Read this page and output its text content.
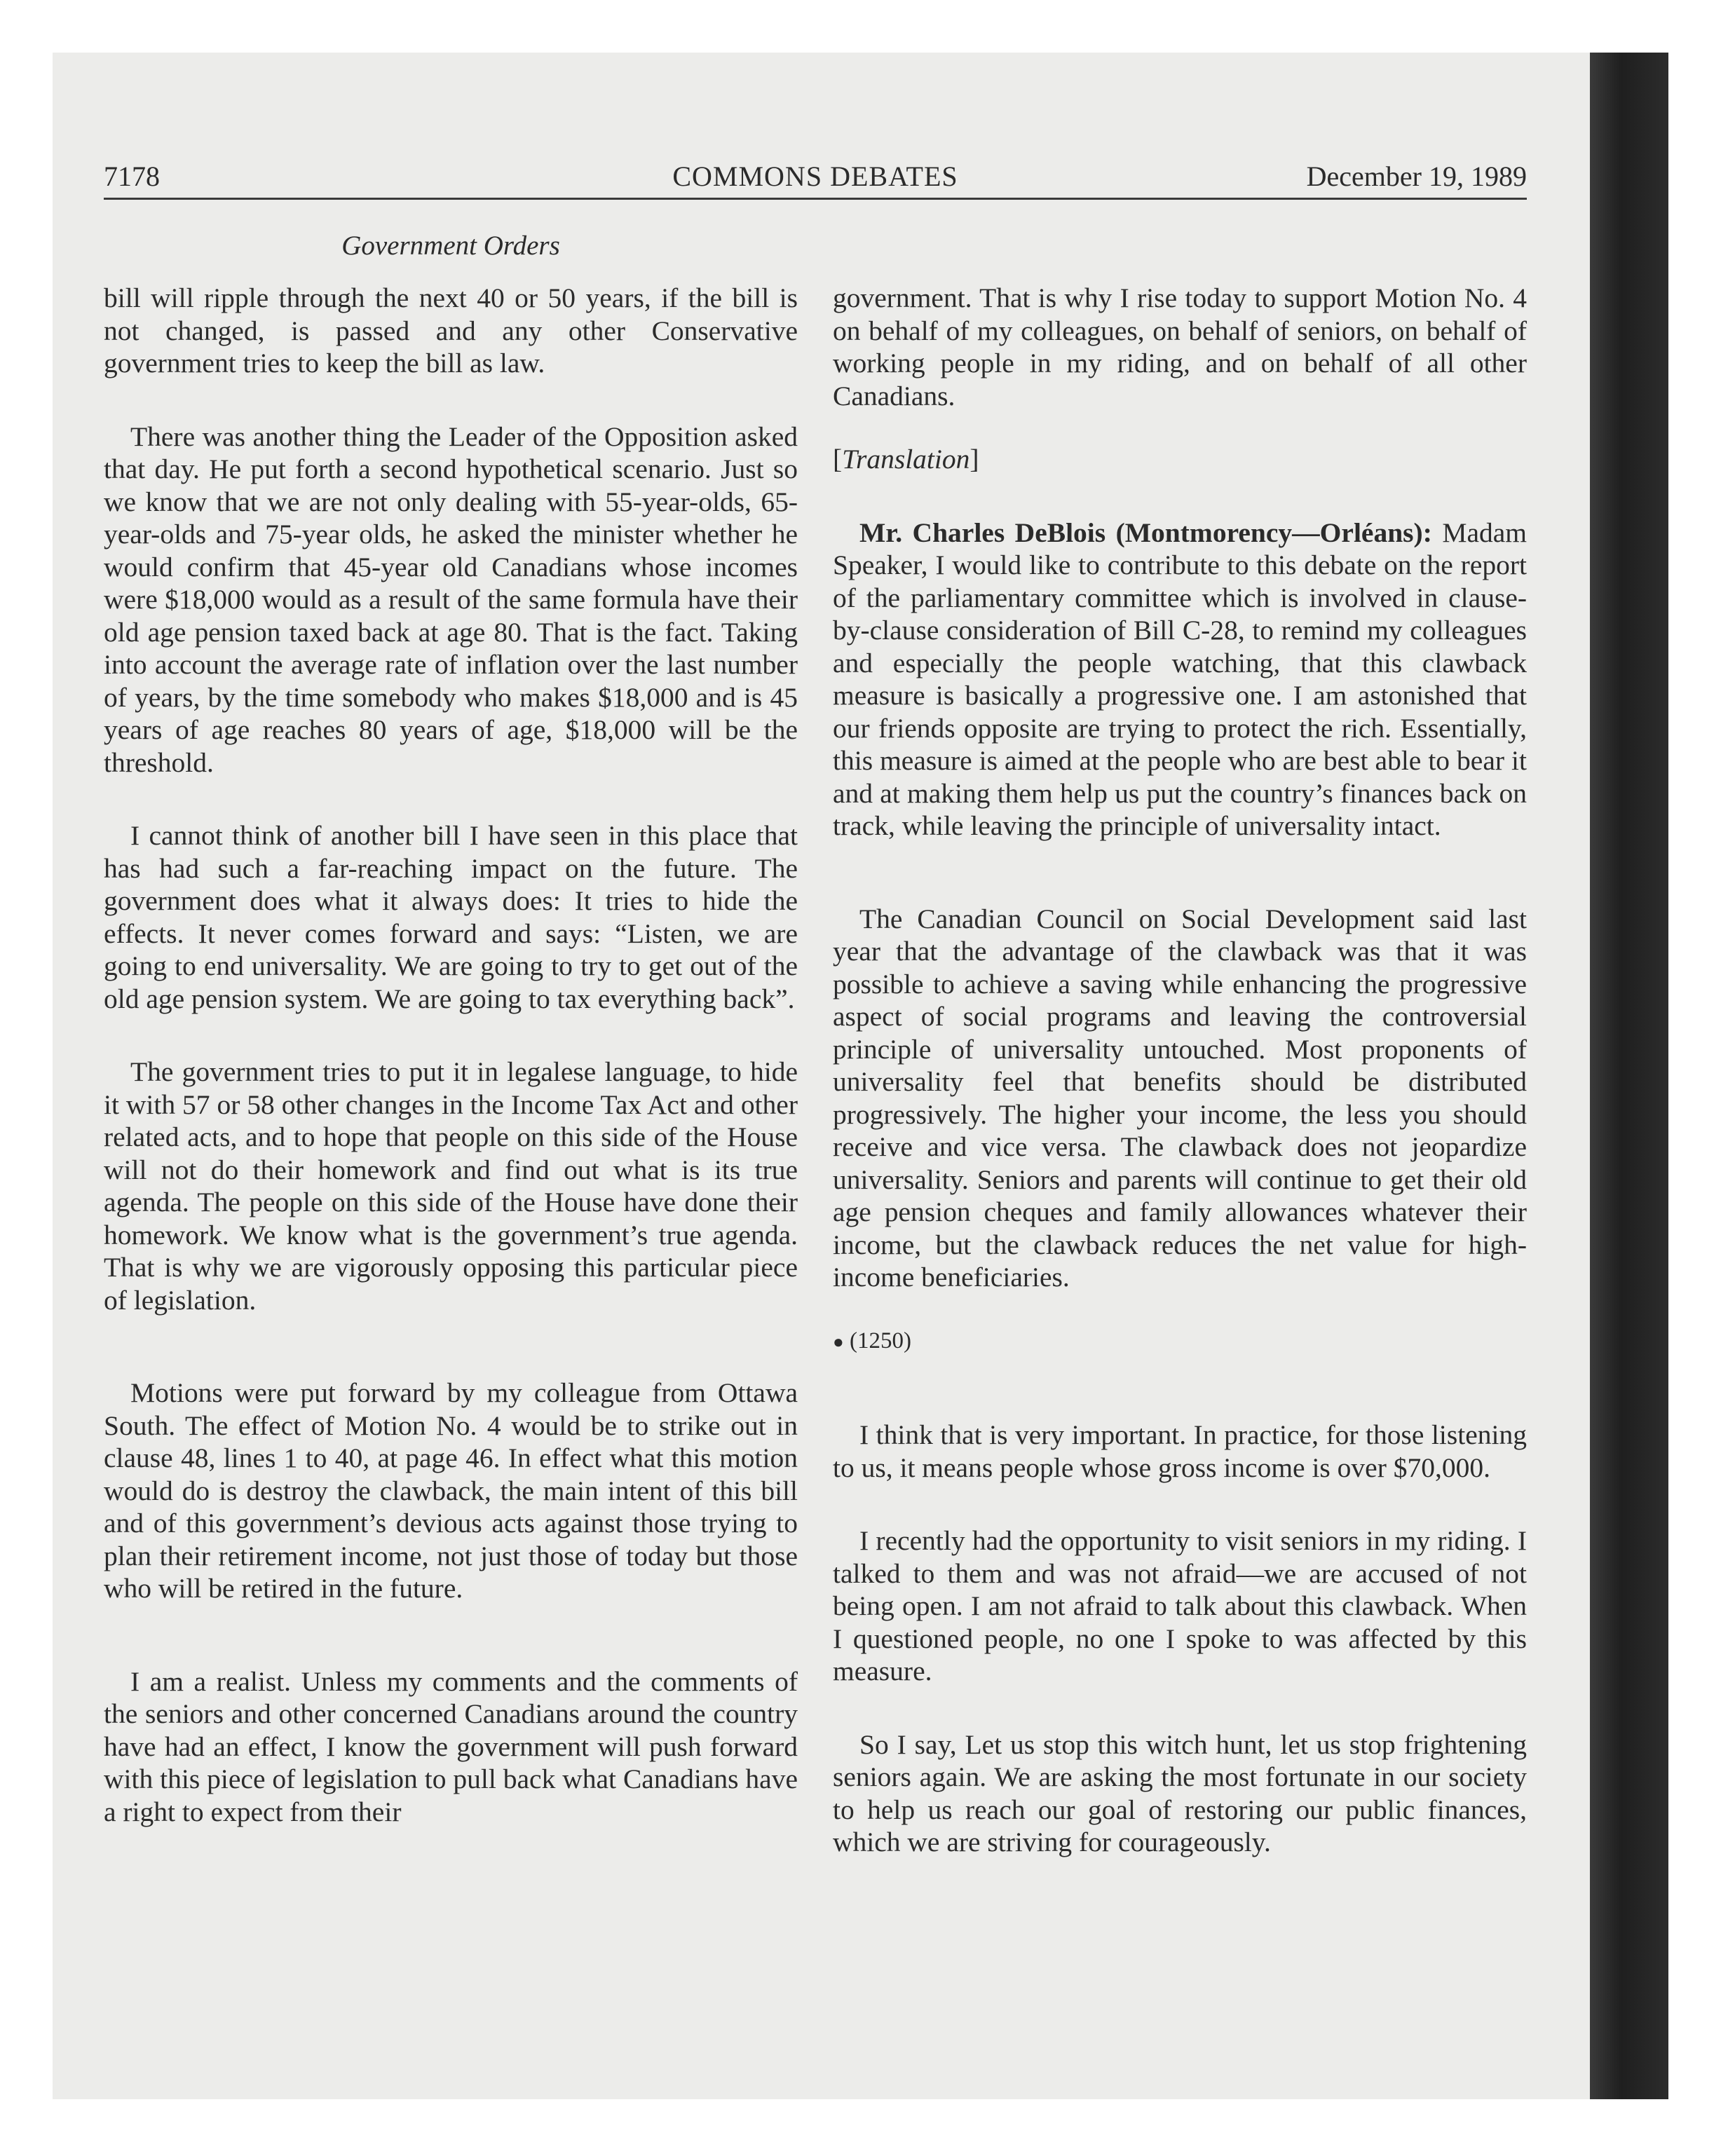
7178	COMMONS DEBATES	December 19, 1989
Government Orders

bill will ripple through the next 40 or 50 years, if the bill is not changed, is passed and any other Conservative government tries to keep the bill as law.

There was another thing the Leader of the Opposition asked that day. He put forth a second hypothetical scenario. Just so we know that we are not only dealing with 55-year-olds, 65-year-olds and 75-year olds, he asked the minister whether he would confirm that 45-year old Canadians whose incomes were $18,000 would as a result of the same formula have their old age pension taxed back at age 80. That is the fact. Taking into account the average rate of inflation over the last number of years, by the time somebody who makes $18,000 and is 45 years of age reaches 80 years of age, $18,000 will be the threshold.

I cannot think of another bill I have seen in this place that has had such a far-reaching impact on the future. The government does what it always does: It tries to hide the effects. It never comes forward and says: “Listen, we are going to end universality. We are going to try to get out of the old age pension system. We are going to tax everything back”.

The government tries to put it in legalese language, to hide it with 57 or 58 other changes in the Income Tax Act and other related acts, and to hope that people on this side of the House will not do their homework and find out what is its true agenda. The people on this side of the House have done their homework. We know what is the government’s true agenda. That is why we are vigorously opposing this particular piece of legislation.

Motions were put forward by my colleague from Ottawa South. The effect of Motion No. 4 would be to strike out in clause 48, lines 1 to 40, at page 46. In effect what this motion would do is destroy the clawback, the main intent of this bill and of this government’s devious acts against those trying to plan their retirement income, not just those of today but those who will be retired in the future.

I am a realist. Unless my comments and the comments of the seniors and other concerned Canadians around the country have had an effect, I know the government will push forward with this piece of legislation to pull back what Canadians have a right to expect from their

government. That is why I rise today to support Motion No. 4 on behalf of my colleagues, on behalf of seniors, on behalf of working people in my riding, and on behalf of all other Canadians.

[Translation]

Mr. Charles DeBlois (Montmorency—Orléans): Madam Speaker, I would like to contribute to this debate on the report of the parliamentary committee which is involved in clause-by-clause consideration of Bill C-28, to remind my colleagues and especially the people watching, that this clawback measure is basically a progressive one. I am astonished that our friends opposite are trying to protect the rich. Essentially, this measure is aimed at the people who are best able to bear it and at making them help us put the country’s finances back on track, while leaving the principle of universality intact.

The Canadian Council on Social Development said last year that the advantage of the clawback was that it was possible to achieve a saving while enhancing the progressive aspect of social programs and leaving the controversial principle of universality untouched. Most proponents of universality feel that benefits should be distributed progressively. The higher your income, the less you should receive and vice versa. The clawback does not jeopardize universality. Seniors and parents will continue to get their old age pension cheques and family allowances whatever their income, but the clawback reduces the net value for high-income beneficiaries.

● (1250)

I think that is very important. In practice, for those listening to us, it means people whose gross income is over $70,000.

I recently had the opportunity to visit seniors in my riding. I talked to them and was not afraid—we are accused of not being open. I am not afraid to talk about this clawback. When I questioned people, no one I spoke to was affected by this measure.

So I say, Let us stop this witch hunt, let us stop frightening seniors again. We are asking the most fortunate in our society to help us reach our goal of restoring our public finances, which we are striving for courageously.
